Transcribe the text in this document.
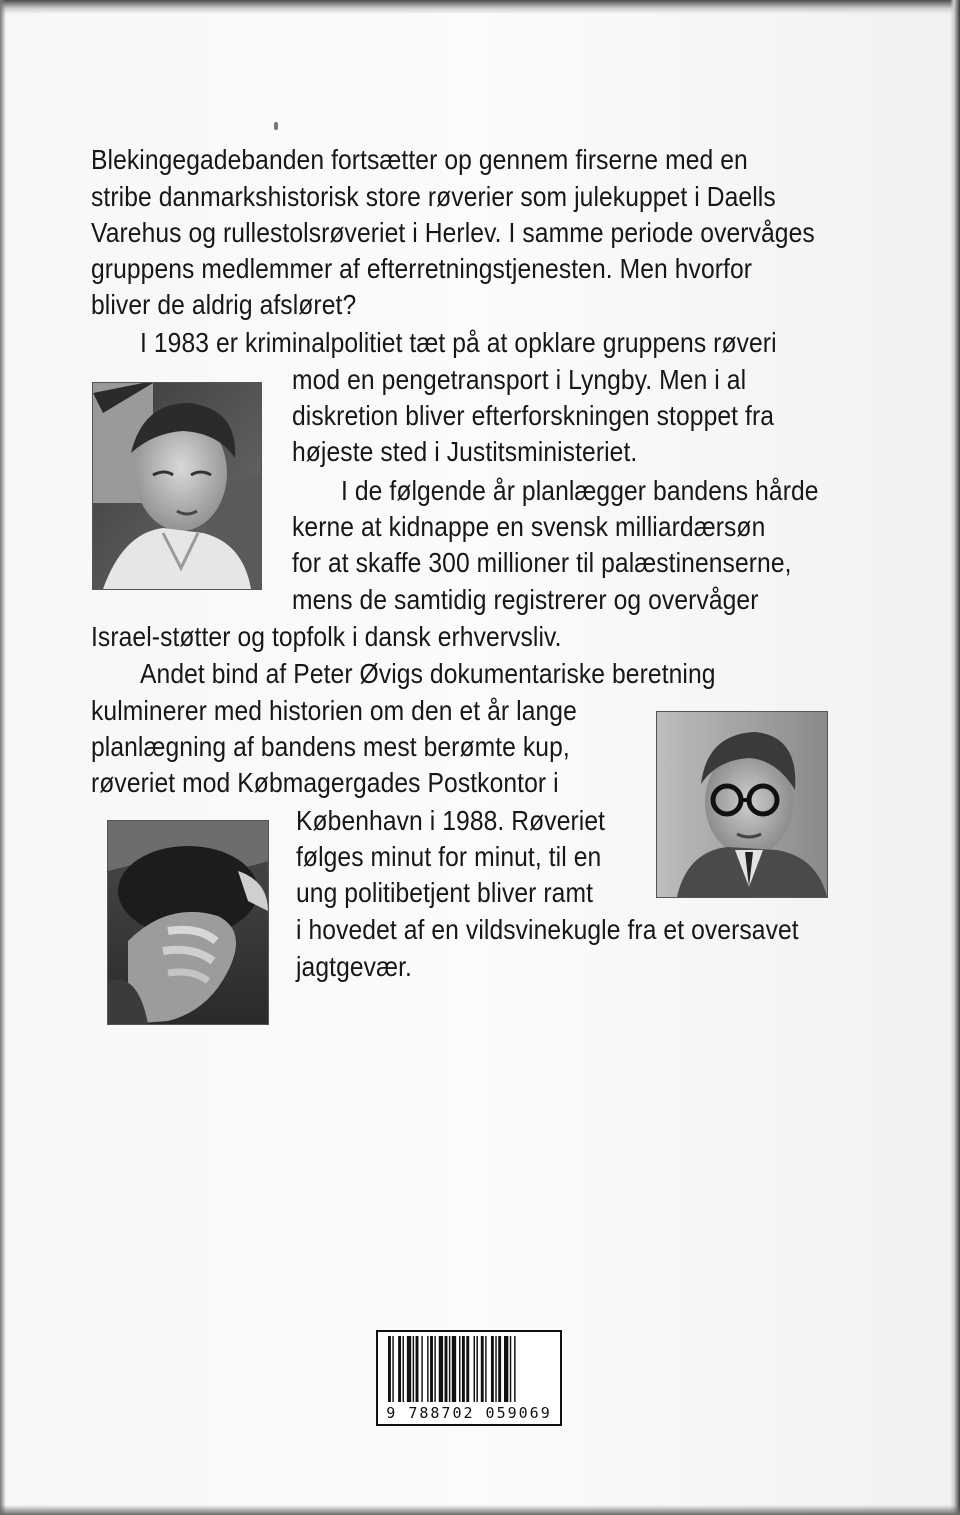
Blekingegadebanden fortsætter op gennem firserne med en

stribe danmarkshistorisk store røverier som julekuppet i Daells

Varehus og rullestolsrøveriet i Herlev. I samme periode overvåges

gruppens medlemmer af efterretningstjenesten. Men hvorfor

bliver de aldrig afsløret?

I 1983 er kriminalpolitiet tæt på at opklare gruppens røveri

mod en pengetransport i Lyngby. Men i al

diskretion bliver efterforskningen stoppet fra

højeste sted i Justitsministeriet.

I de følgende år planlægger bandens hårde

kerne at kidnappe en svensk milliardærsøn

for at skaffe 300 millioner til palæstinenserne,

mens de samtidig registrerer og overvåger

Israel-støtter og topfolk i dansk erhvervsliv.

Andet bind af Peter Øvigs dokumentariske beretning

kulminerer med historien om den et år lange

planlægning af bandens mest berømte kup,

røveriet mod Købmagergades Postkontor i

København i 1988. Røveriet

følges minut for minut, til en

ung politibetjent bliver ramt

i hovedet af en vildsvinekugle fra et oversavet

jagtgevær.

9 788702 059069
